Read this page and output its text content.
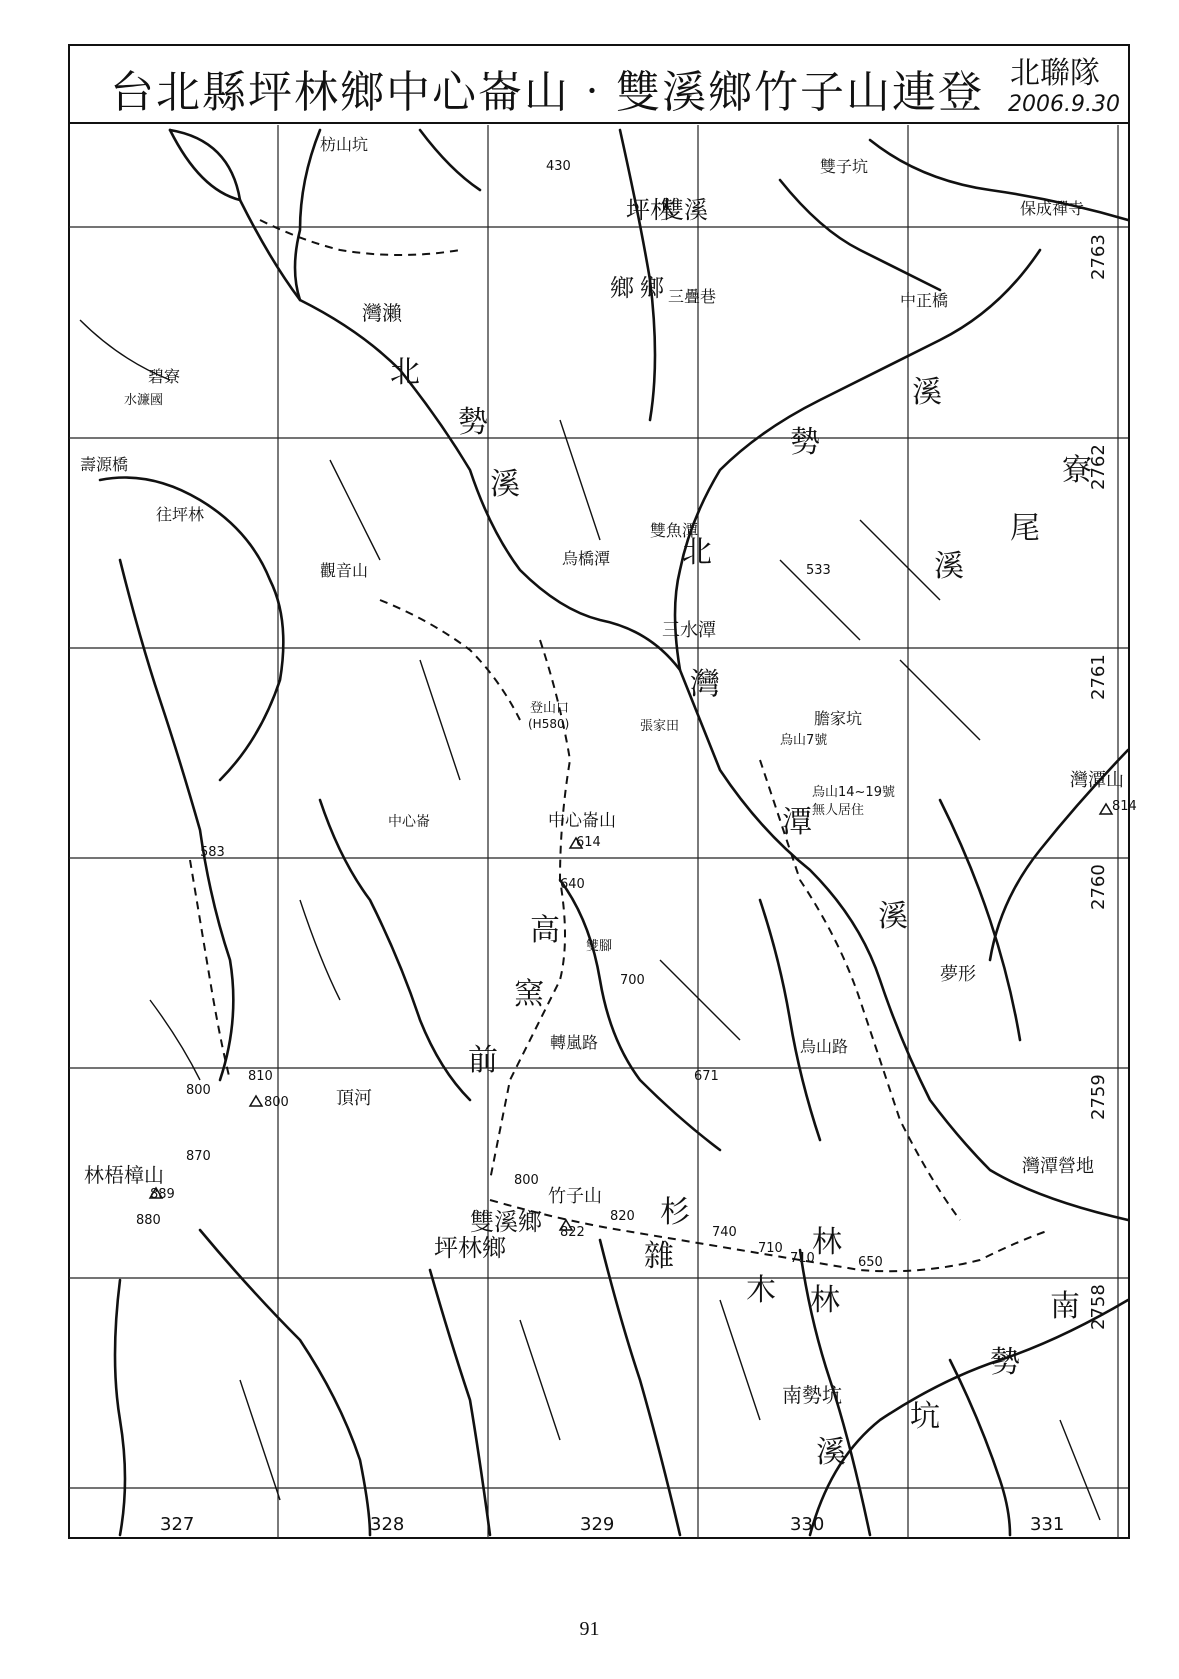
台北縣坪林鄉中心崙山‧雙溪鄉竹子山連登 北聯隊
2006.9.30
327	328	329	330	331
2763
2762
2761
2760
2759
2758
枋山坑
雙子坑
保成禪寺
中正橋
三疊巷
灣瀨
碧寮
水濂國
壽源橋
往坪林
觀音山
雙魚潭
烏橋潭
三水潭
中心崙山
登山口
(H580)	張家田
烏山7號
烏山14~19號
無人居住
膽家坑
灣潭山
灣潭營地
中心崙
雙腳
烏山路
頂河
林梧樟山
竹子山
南勢坑
轉嵐路
夢形
坪林
雙溪
鄉 鄉
坪林鄉
雙溪鄉
北
勢
溪
溪
勢
北
灣
潭
溪
寮
尾
溪
高
窯
前
杉
雜
木
林
林	南
勢
坑
溪
430
533
583
614
640
700
671
810
800
800
870
889
880
800
822
820
740
710
710	650
814
91
